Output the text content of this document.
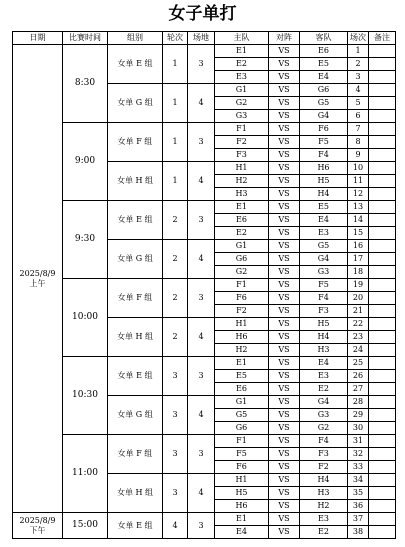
女子单打
日期	比赛时间	组别	轮次	场地	主队	对阵	客队	场次	备注
2025/8/9
上午	8:30	女单 E 组	1	3	E1	VS	E6	1	
					E2	VS	E5	2	
					E3	VS	E4	3	
		女单 G 组	1	4	G1	VS	G6	4	
					G2	VS	G5	5	
					G3	VS	G4	6	
	9:00	女单 F 组	1	3	F1	VS	F6	7	
					F2	VS	F5	8	
					F3	VS	F4	9	
		女单 H 组	1	4	H1	VS	H6	10	
					H2	VS	H5	11	
					H3	VS	H4	12	
	9:30	女单 E 组	2	3	E1	VS	E5	13	
					E6	VS	E4	14	
					E2	VS	E3	15	
		女单 G 组	2	4	G1	VS	G5	16	
					G6	VS	G4	17	
					G2	VS	G3	18	
	10:00	女单 F 组	2	3	F1	VS	F5	19	
					F6	VS	F4	20	
					F2	VS	F3	21	
		女单 H 组	2	4	H1	VS	H5	22	
					H6	VS	H4	23	
					H2	VS	H3	24	
	10:30	女单 E 组	3	3	E1	VS	E4	25	
					E5	VS	E3	26	
					E6	VS	E2	27	
		女单 G 组	3	4	G1	VS	G4	28	
					G5	VS	G3	29	
					G6	VS	G2	30	
	11:00	女单 F 组	3	3	F1	VS	F4	31	
					F5	VS	F3	32	
					F6	VS	F2	33	
		女单 H 组	3	4	H1	VS	H4	34	
					H5	VS	H3	35	
					H6	VS	H2	36	
2025/8/9
下午	15:00	女单 E 组	4	3	E1	VS	E3	37	
					E4	VS	E2	38	
